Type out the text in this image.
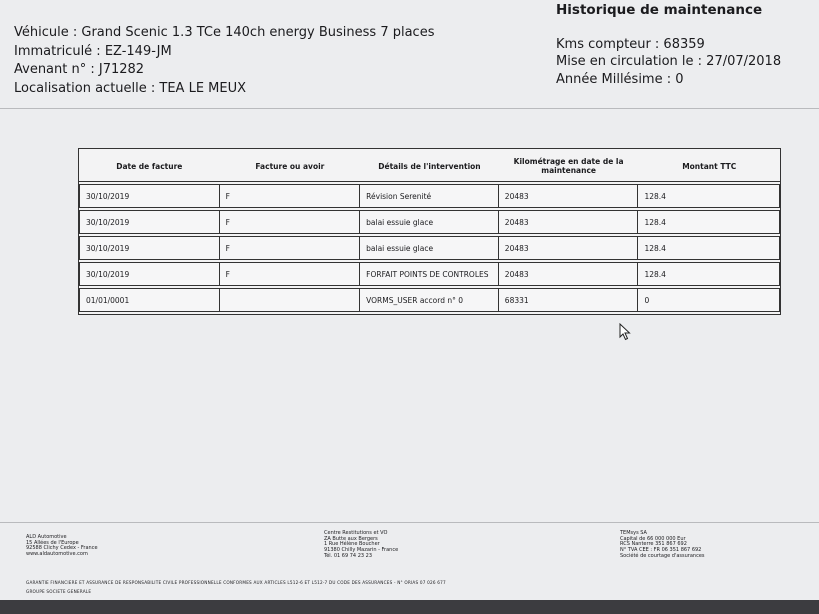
Véhicule : Grand Scenic 1.3 TCe 140ch energy Business 7 places
Immatriculé : EZ-149-JM
Avenant n° : J71282
Localisation actuelle : TEA LE MEUX
Historique de maintenance
Kms compteur : 68359
Mise en circulation le : 27/07/2018
Année Millésime : 0
Date de facture	Facture ou avoir	Détails de l'intervention	Kilométrage en date de la maintenance	Montant TTC
30/10/2019	F	Révision Serenité	20483	128.4
30/10/2019	F	balai essuie glace	20483	128.4
30/10/2019	F	balai essuie glace	20483	128.4
30/10/2019	F	FORFAIT POINTS DE CONTROLES	20483	128.4
01/01/0001		VORMS_USER accord n° 0	68331	0
ALD Automotive
15 Allées de l'Europe
92588 Clichy Cedex - France
www.aldautomotive.com
Centre Restitutions et VO
ZA Butte aux Bergers
1 Rue Hélène Boucher
91380 Chilly Mazarin - France
Tél. 01 69 74 23 23
TEMsys SA
Capital de 66 000 000 Eur
RCS Nanterre 351 867 692
N° TVA CEE : FR 06 351 867 692
Société de courtage d'assurances
GARANTIE FINANCIERE ET ASSURANCE DE RESPONSABILITE CIVILE PROFESSIONNELLE CONFORMES AUX ARTICLES L512-6 ET L512-7 DU CODE DES ASSURANCES - N° ORIAS 07 026 677
GROUPE SOCIETE GENERALE
